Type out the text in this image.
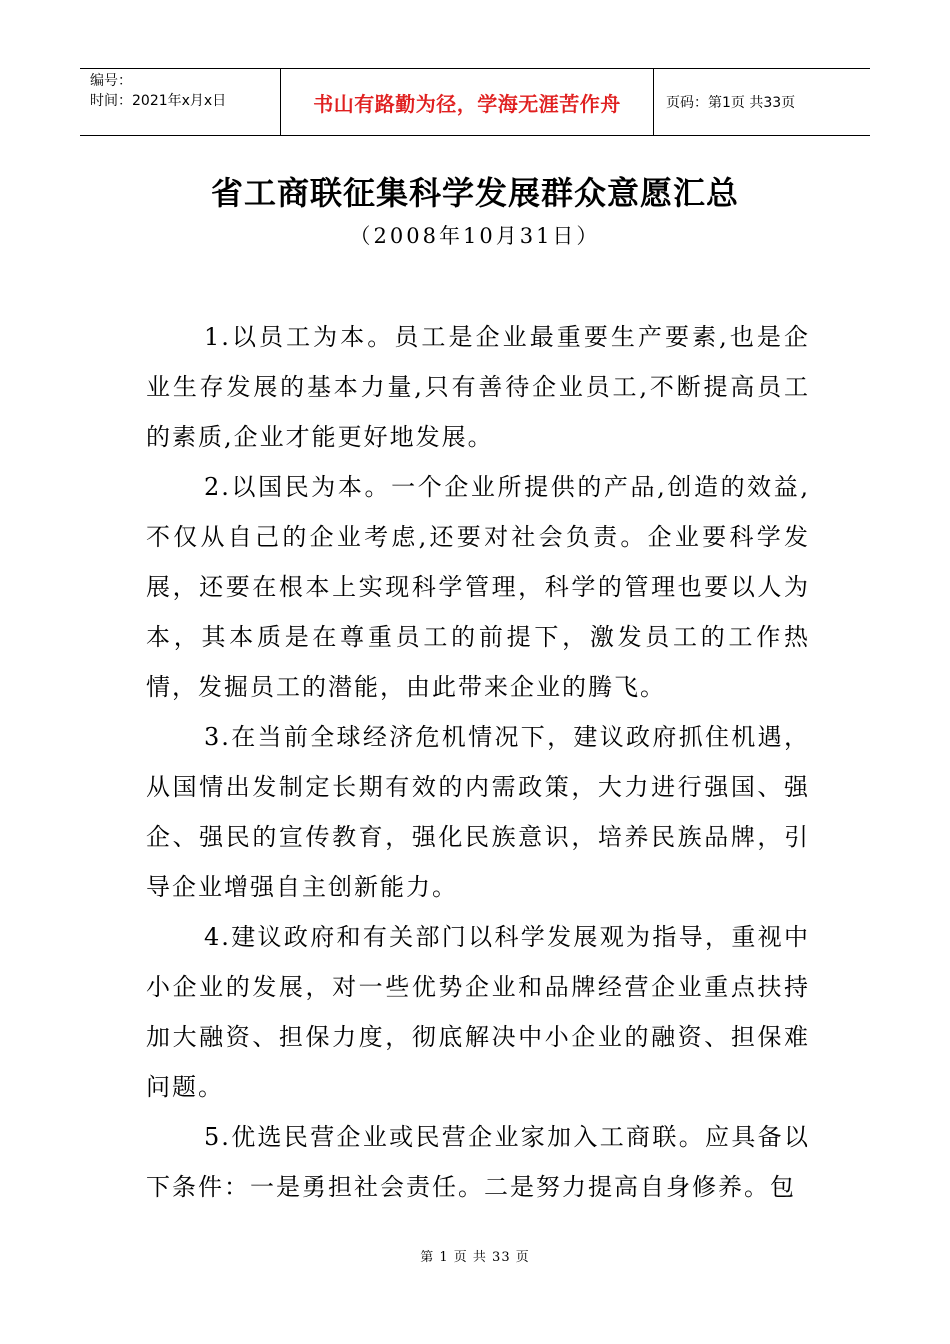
编号：
时间：2021年x月x日	书山有路勤为径，学海无涯苦作舟	页码：第1页 共33页
省工商联征集科学发展群众意愿汇总
（2008年10月31日）

1.以员工为本。员工是企业最重要生产要素,也是企业生存发展的基本力量,只有善待企业员工,不断提高员工的素质,企业才能更好地发展。

2.以国民为本。一个企业所提供的产品,创造的效益,不仅从自己的企业考虑,还要对社会负责。企业要科学发展，还要在根本上实现科学管理，科学的管理也要以人为本，其本质是在尊重员工的前提下，激发员工的工作热情，发掘员工的潜能，由此带来企业的腾飞。

3.在当前全球经济危机情况下，建议政府抓住机遇，从国情出发制定长期有效的内需政策，大力进行强国、强企、强民的宣传教育，强化民族意识，培养民族品牌，引导企业增强自主创新能力。

4.建议政府和有关部门以科学发展观为指导，重视中小企业的发展，对一些优势企业和品牌经营企业重点扶持加大融资、担保力度，彻底解决中小企业的融资、担保难问题。

5.优选民营企业或民营企业家加入工商联。应具备以下条件：一是勇担社会责任。二是努力提高自身修养。包

第 1 页 共 33 页
